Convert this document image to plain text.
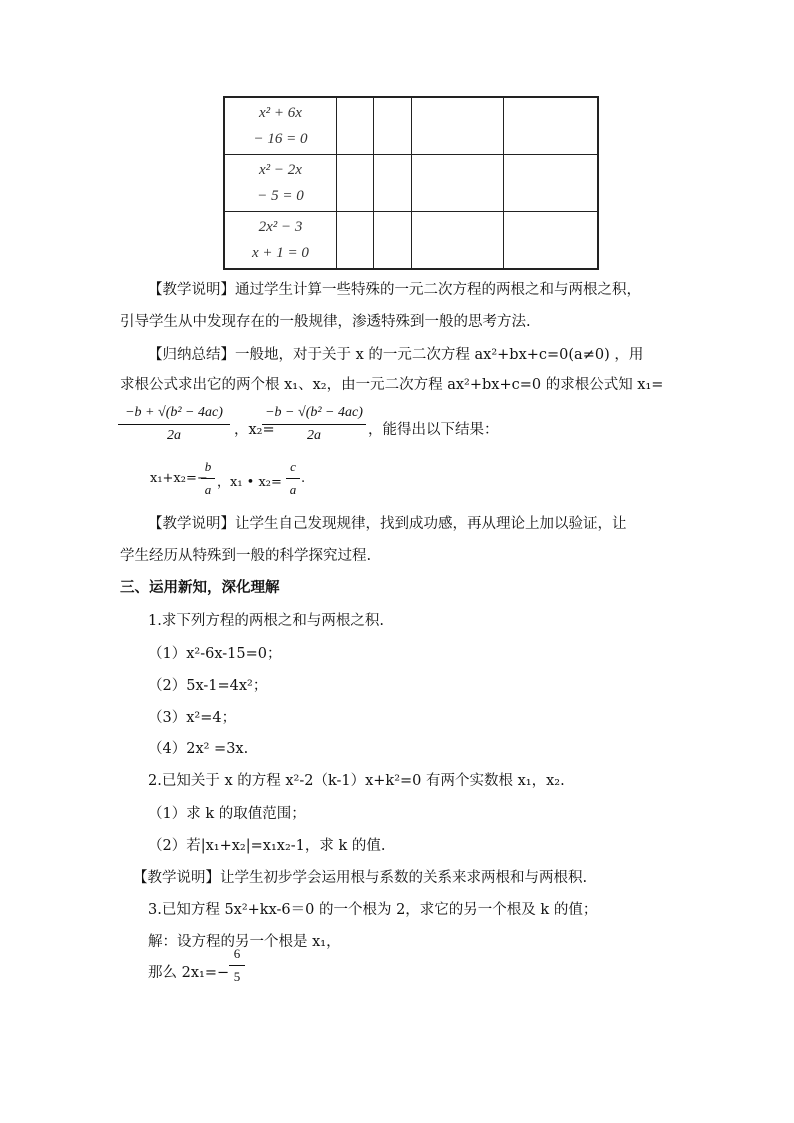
x² + 6x
− 16 = 0				

x² − 2x
− 5 = 0				

2x² − 3
x + 1 = 0				

【教学说明】通过学生计算一些特殊的一元二次方程的两根之和与两根之积，
引导学生从中发现存在的一般规律，渗透特殊到一般的思考方法.
【归纳总结】一般地，对于关于 x 的一元二次方程 ax²+bx+c=0(a≠0) ，用
求根公式求出它的两个根 x₁、x₂，由一元二次方程 ax²+bx+c=0 的求根公式知 x₁=
−b + √(b² − 4ac)
2a	，x₂=
−b − √(b² − 4ac)
2a	，能得出以下结果：
x₁+x₂=−
b
a ，x₁ • x₂=
c
a
.
【教学说明】让学生自己发现规律，找到成功感，再从理论上加以验证，让
学生经历从特殊到一般的科学探究过程.
三、运用新知，深化理解
1.求下列方程的两根之和与两根之积.
（1）x²-6x-15=0；
（2）5x-1=4x²；
（3）x²=4；
（4）2x² =3x.
2.已知关于 x 的方程 x²-2（k-1）x+k²=0 有两个实数根 x₁，x₂.
（1）求 k 的取值范围；
（2）若|x₁+x₂|=x₁x₂-1，求 k 的值.
【教学说明】让学生初步学会运用根与系数的关系来求两根和与两根积.
3.已知方程 5x²+kx-6＝0 的一个根为 2，求它的另一个根及 k 的值；
解：设方程的另一个根是 x₁，
那么 2x₁=−
6
5
